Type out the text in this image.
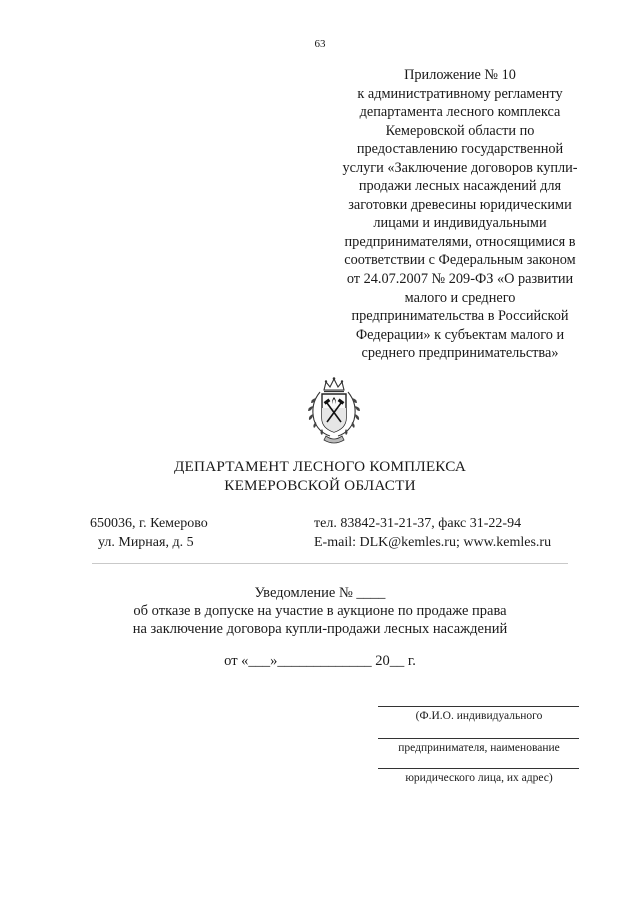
63
Приложение № 10
к административному регламенту
департамента лесного комплекса
Кемеровской области по
предоставлению государственной
услуги «Заключение договоров купли-
продажи лесных насаждений для
заготовки древесины юридическими
лицами и индивидуальными
предпринимателями, относящимися в
соответствии с Федеральным законом
от 24.07.2007 № 209-ФЗ «О развитии
малого и среднего
предпринимательства в Российской
Федерации» к субъектам малого и
среднего предпринимательства»
ДЕПАРТАМЕНТ ЛЕСНОГО КОМПЛЕКСА
КЕМЕРОВСКОЙ ОБЛАСТИ
650036, г. Кемерово
ул. Мирная, д. 5
тел. 83842-31-21-37, факс 31-22-94
E-mail: DLK@kemles.ru; www.kemles.ru
Уведомление № ____
об отказе в допуске на участие в аукционе по продаже права
на заключение договора купли-продажи лесных насаждений
от «___»_____________ 20__ г.
(Ф.И.О. индивидуального
предпринимателя, наименование
юридического лица, их адрес)
